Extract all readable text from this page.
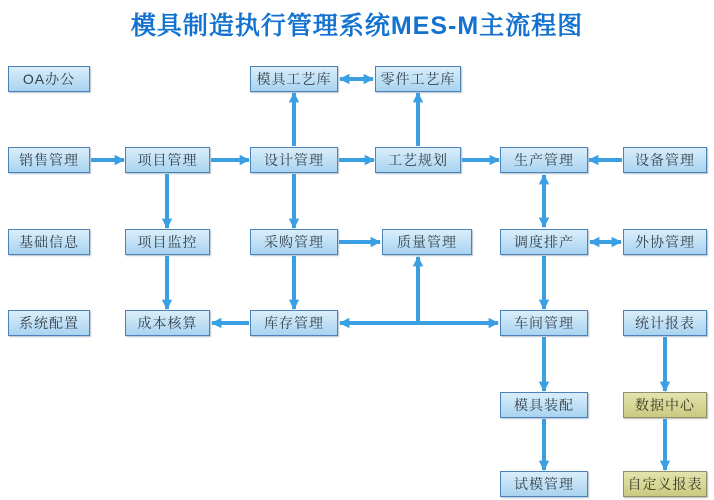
模具制造执行管理系统MES-M主流程图
OA办公	模具工艺库	零件工艺库
销售管理	项目管理	设计管理	工艺规划	生产管理	设备管理
基础信息	项目监控	采购管理	质量管理	调度排产	外协管理
系统配置	成本核算	库存管理	车间管理	统计报表
模具装配	数据中心
试模管理	自定义报表
